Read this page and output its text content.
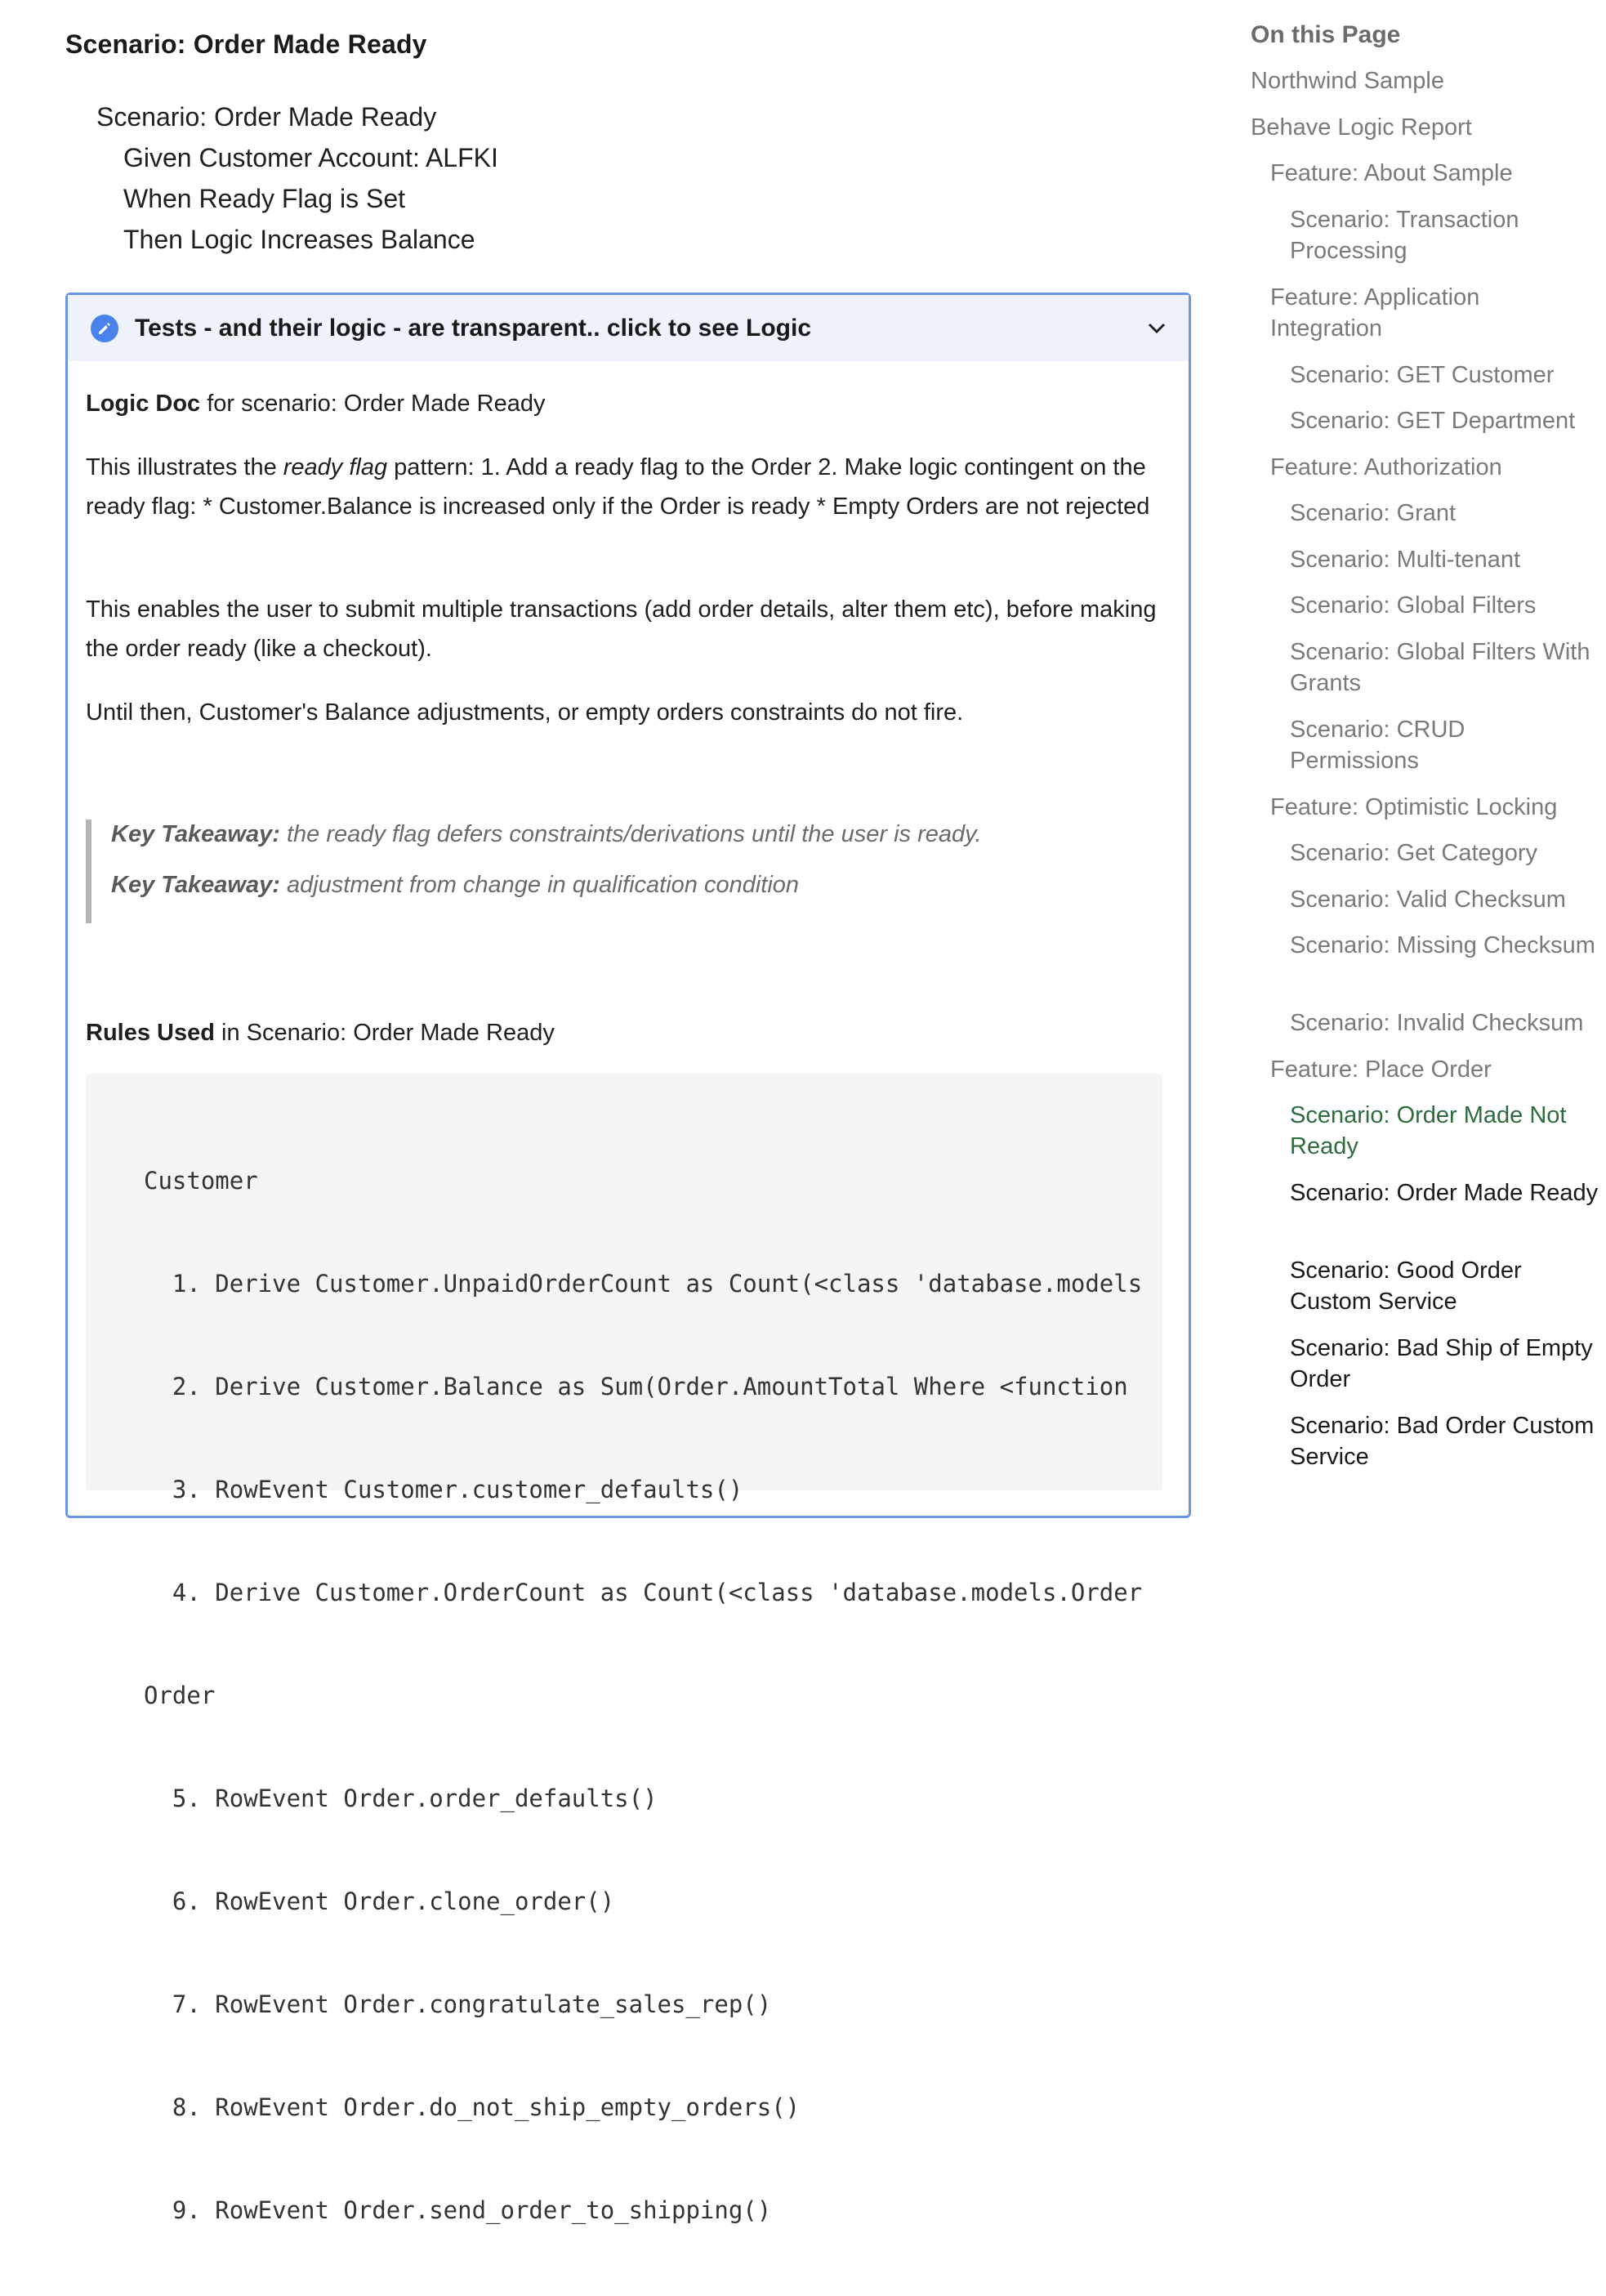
Scenario: Order Made Ready
Scenario: Order Made Ready
Given Customer Account: ALFKI
When Ready Flag is Set
Then Logic Increases Balance
Tests - and their logic - are transparent.. click to see Logic
Logic Doc for scenario: Order Made Ready
This illustrates the ready flag pattern: 1. Add a ready flag to the Order 2. Make logic contingent on the ready flag: * Customer.Balance is increased only if the Order is ready * Empty Orders are not rejected
This enables the user to submit multiple transactions (add order details, alter them etc), before making the order ready (like a checkout).
Until then, Customer's Balance adjustments, or empty orders constraints do not fire.
Key Takeaway: the ready flag defers constraints/derivations until the user is ready.
Key Takeaway: adjustment from change in qualification condition
Rules Used in Scenario: Order Made Ready

Customer

1. Derive Customer.UnpaidOrderCount as Count(<class 'database.models

2. Derive Customer.Balance as Sum(Order.AmountTotal Where <function

3. RowEvent Customer.customer_defaults()

4. Derive Customer.OrderCount as Count(<class 'database.models.Order

Order

5. RowEvent Order.order_defaults()

6. RowEvent Order.clone_order()

7. RowEvent Order.congratulate_sales_rep()

8. RowEvent Order.do_not_ship_empty_orders()

9. RowEvent Order.send_order_to_shipping()

On this Page
Northwind Sample
Behave Logic Report
Feature: About Sample
Scenario: Transaction Processing
Feature: Application Integration
Scenario: GET Customer
Scenario: GET Department
Feature: Authorization
Scenario: Grant
Scenario: Multi-tenant
Scenario: Global Filters
Scenario: Global Filters With Grants
Scenario: CRUD Permissions
Feature: Optimistic Locking
Scenario: Get Category
Scenario: Valid Checksum
Scenario: Missing Checksum
Scenario: Invalid Checksum
Feature: Place Order
Scenario: Order Made Not Ready
Scenario: Order Made Ready
Scenario: Good Order Custom Service
Scenario: Bad Ship of Empty Order
Scenario: Bad Order Custom Service
